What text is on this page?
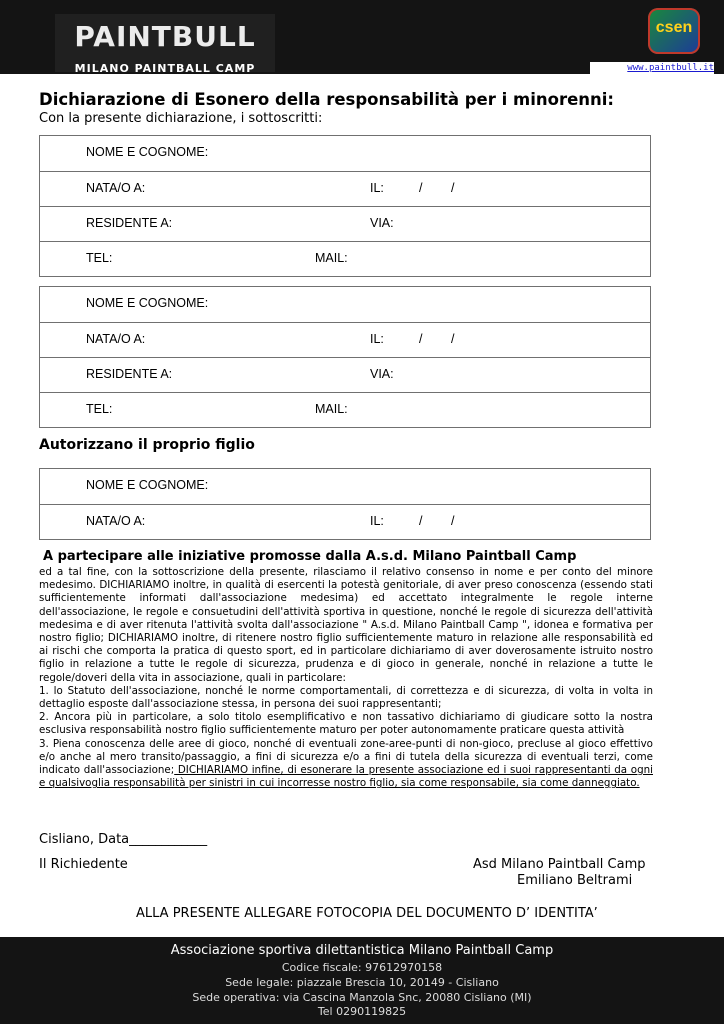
PAINTBULL
MILANO PAINTBALL CAMP
csen
www.paintbull.it
Dichiarazione di Esonero della responsabilità per i minorenni:
Con la presente dichiarazione, i sottoscritti:
NOME E COGNOME:
NATA/O A:	IL:	/ /
RESIDENTE A:	VIA:
TEL:	MAIL:
NOME E COGNOME:
NATA/O A:	IL:	/ /
RESIDENTE A:	VIA:
TEL:	MAIL:
Autorizzano il proprio figlio
NOME E COGNOME:
NATA/O A:	IL:	/ /
A partecipare alle iniziative promosse dalla A.s.d. Milano Paintball Camp

ed a tal fine, con la sottoscrizione della presente, rilasciamo il relativo consenso in nome e per conto del minore medesimo. DICHIARIAMO inoltre, in qualità di esercenti la potestà genitoriale, di aver preso conoscenza (essendo stati sufficientemente informati dall'associazione medesima) ed accettato integralmente le regole interne dell'associazione, le regole e consuetudini dell'attività sportiva in questione, nonché le regole di sicurezza dell'attività medesima e di aver ritenuta l'attività svolta dall'associazione " A.s.d. Milano Paintball Camp ", idonea e formativa per nostro figlio; DICHIARIAMO inoltre, di ritenere nostro figlio sufficientemente maturo in relazione alle responsabilità ed ai rischi che comporta la pratica di questo sport, ed in particolare dichiariamo di aver doverosamente istruito nostro figlio in relazione a tutte le regole di sicurezza, prudenza e di gioco in generale, nonché in relazione a tutte le regole/doveri della vita in associazione, quali in particolare:

1. lo Statuto dell'associazione, nonché le norme comportamentali, di correttezza e di sicurezza, di volta in volta in dettaglio esposte dall'associazione stessa, in persona dei suoi rappresentanti;

2. Ancora più in particolare, a solo titolo esemplificativo e non tassativo dichiariamo di giudicare sotto la nostra esclusiva responsabilità nostro figlio sufficientemente maturo per poter autonomamente praticare questa attività

3. Piena conoscenza delle aree di gioco, nonché di eventuali zone-aree-punti di non-gioco, precluse al gioco effettivo e/o anche al mero transito/passaggio, a fini di sicurezza e/o a fini di tutela della sicurezza di eventuali terzi, come indicato dall'associazione; DICHIARIAMO infine, di esonerare la presente associazione ed i suoi rappresentanti da ogni e qualsivoglia responsabilità per sinistri in cui incorresse nostro figlio, sia come responsabile, sia come danneggiato.

Cisliano, Data____________
Il Richiedente	Asd Milano Paintball Camp
Emiliano Beltrami
ALLA PRESENTE ALLEGARE FOTOCOPIA DEL DOCUMENTO D’ IDENTITA’
Associazione sportiva dilettantistica Milano Paintball Camp
Codice fiscale: 97612970158
Sede legale: piazzale Brescia 10, 20149 - Cisliano
Sede operativa: via Cascina Manzola Snc, 20080 Cisliano (MI)
Tel 0290119825
